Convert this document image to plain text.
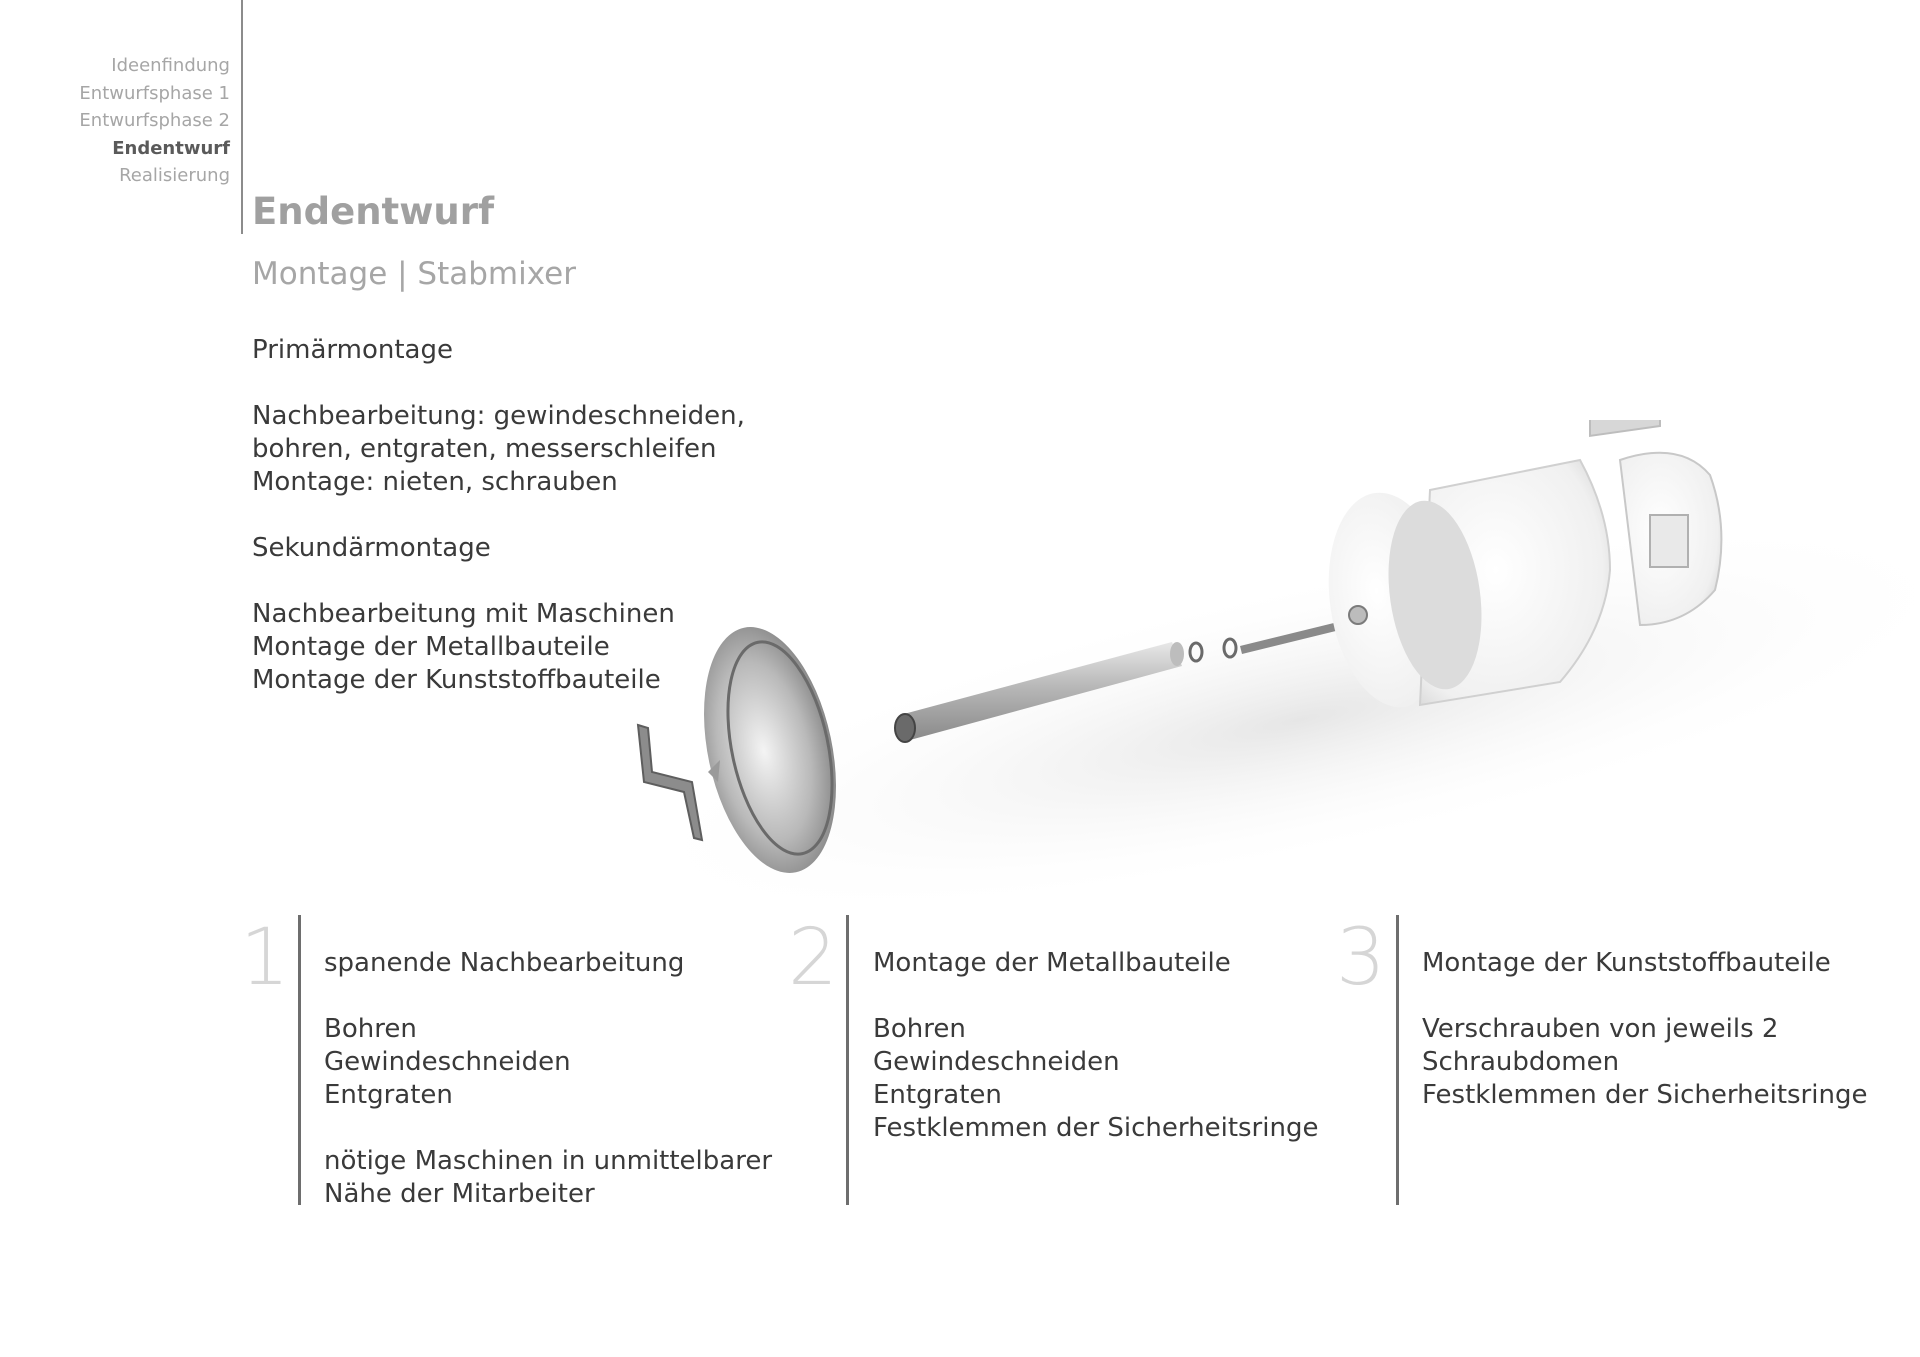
Ideenfindung
Entwurfsphase 1
Entwurfsphase 2
Endentwurf
Realisierung
Endentwurf
Montage | Stabmixer

Primärmontage

Nachbearbeitung: gewindeschneiden,

bohren, entgraten, messerschleifen

Montage: nieten, schrauben

Sekundärmontage

Nachbearbeitung mit Maschinen

Montage der Metallbauteile

Montage der Kunststoffbauteile

1 spanende Nachbearbeitung

Bohren

Gewindeschneiden

Entgraten

nötige Maschinen in unmittelbarer

Nähe der Mitarbeiter

2 Montage der Metallbauteile

Bohren

Gewindeschneiden

Entgraten

Festklemmen der Sicherheitsringe

3 Montage der Kunststoffbauteile

Verschrauben von jeweils 2

Schraubdomen

Festklemmen der Sicherheitsringe
